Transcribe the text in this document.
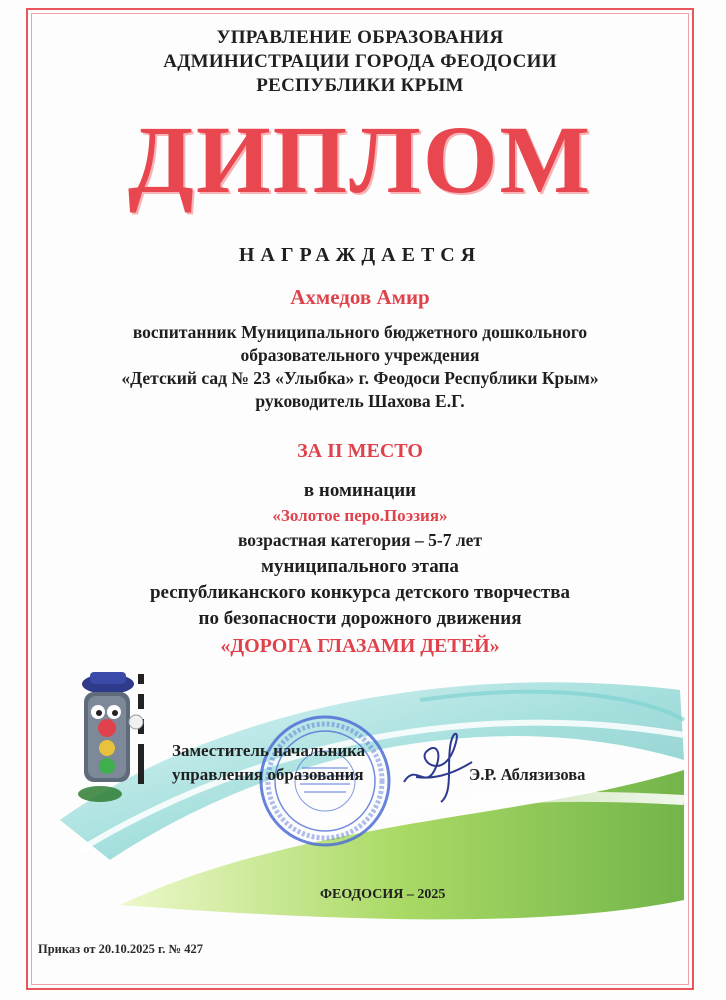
УПРАВЛЕНИЕ ОБРАЗОВАНИЯ
АДМИНИСТРАЦИИ ГОРОДА ФЕОДОСИИ
РЕСПУБЛИКИ КРЫМ
ДИПЛОМ
НАГРАЖДАЕТСЯ
Ахмедов Амир
воспитанник Муниципального бюджетного дошкольного
образовательного учреждения
«Детский сад № 23 «Улыбка» г. Феодоси Республики Крым»
руководитель Шахова Е.Г.
ЗА II МЕСТО
в номинации
«Золотое перо.Поэзия»
возрастная категория – 5-7 лет
муниципального этапа
республиканского конкурса детского творчества
по безопасности дорожного движения
«ДОРОГА ГЛАЗАМИ ДЕТЕЙ»
Заместитель начальника
управления образования	Э.Р. Аблязизова
ФЕОДОСИЯ – 2025
Приказ от 20.10.2025 г. № 427
